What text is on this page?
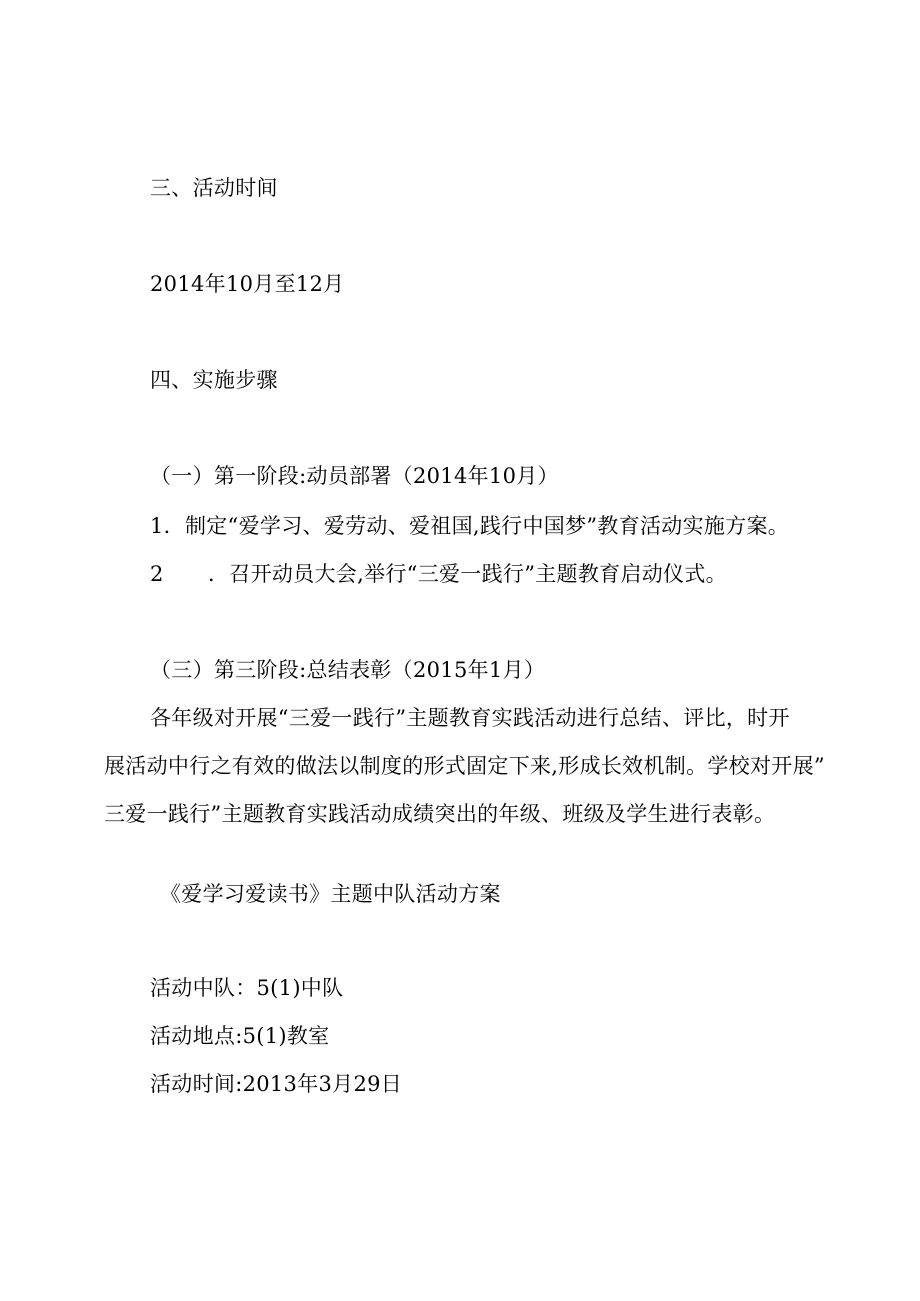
三、活动时间
2014年10月至12月
四、实施步骤
（一）第一阶段:动员部署（2014年10月）
1．制定“爱学习、爱劳动、爱祖国,践行中国梦”教育活动实施方案。
2 ．召开动员大会,举行“三爱一践行”主题教育启动仪式。
（三）第三阶段:总结表彰（2015年1月）
各年级对开展“三爱一践行”主题教育实践活动进行总结、评比，时开
展活动中行之有效的做法以制度的形式固定下来,形成长效机制。学校对开展”
三爱一践行”主题教育实践活动成绩突出的年级、班级及学生进行表彰。
《爱学习爱读书》主题中队活动方案
活动中队：5(1)中队
活动地点:5(1)教室
活动时间:2013年3月29日
